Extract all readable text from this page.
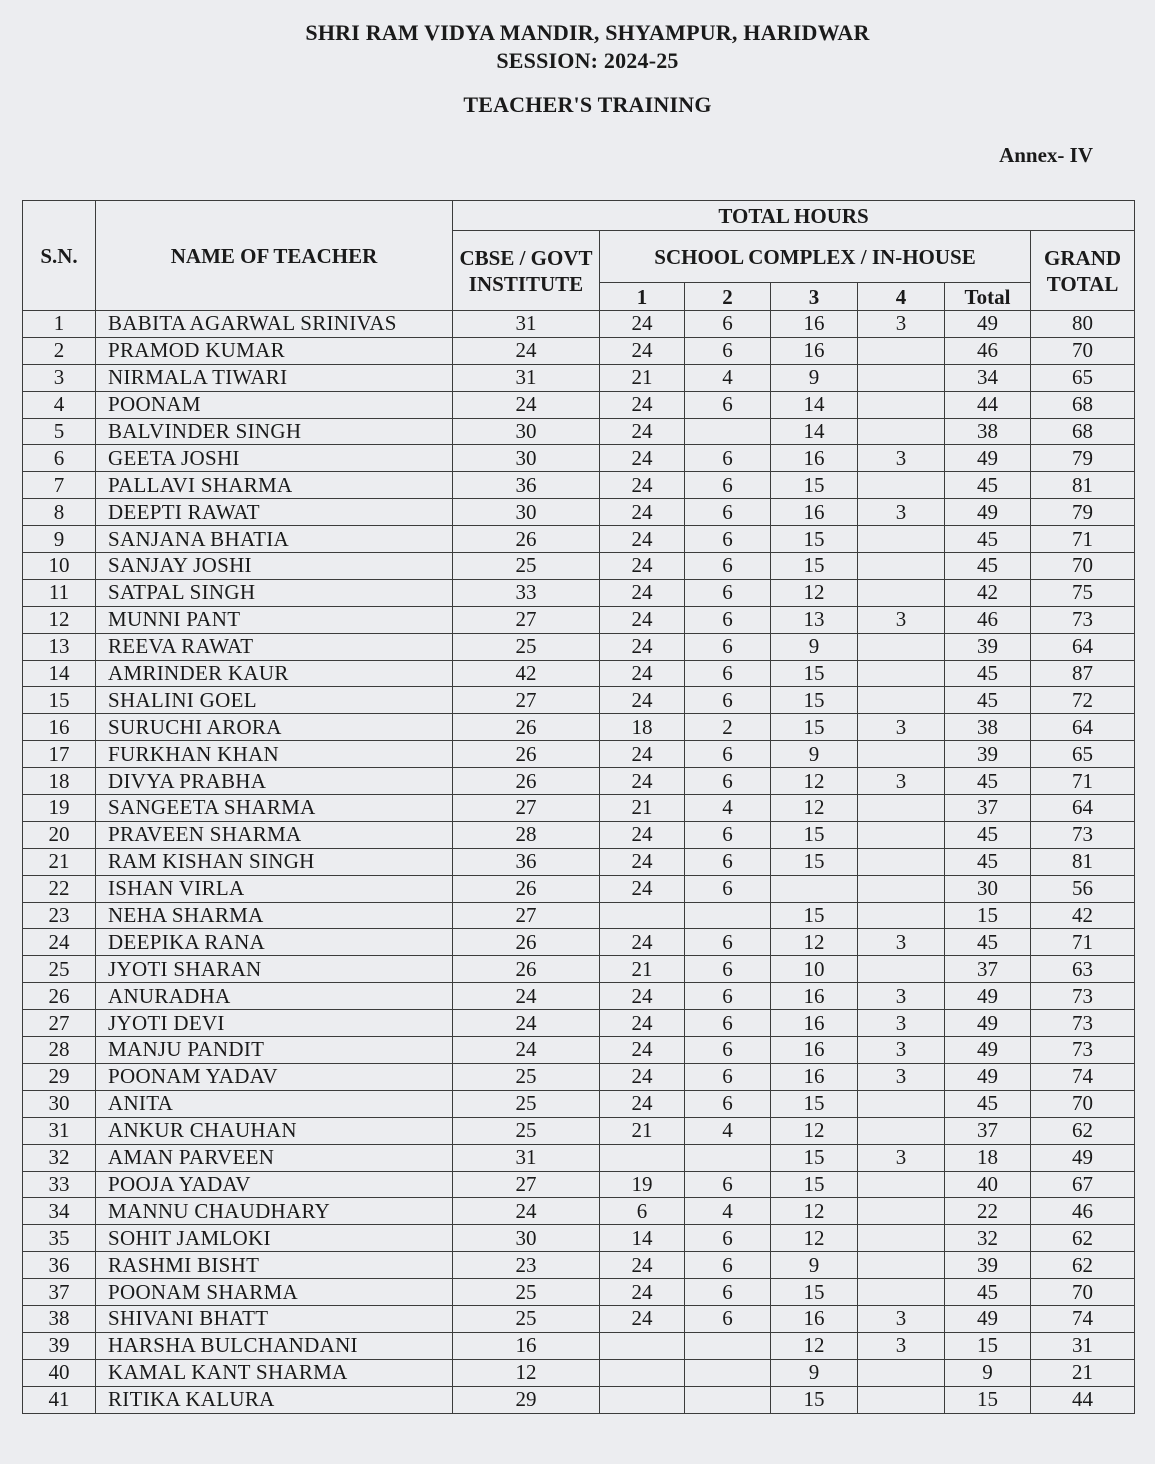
SHRI RAM VIDYA MANDIR, SHYAMPUR, HARIDWAR
SESSION: 2024-25
TEACHER'S TRAINING
Annex- IV
S.N.	NAME OF TEACHER	TOTAL HOURS						
		CBSE / GOVT INSTITUTE	SCHOOL COMPLEX / IN-HOUSE					GRAND TOTAL
			1	2	3	4	Total	
1	BABITA AGARWAL SRINIVAS	31	24	6	16	3	49	80
2	PRAMOD KUMAR	24	24	6	16		46	70
3	NIRMALA TIWARI	31	21	4	9		34	65
4	POONAM	24	24	6	14		44	68
5	BALVINDER SINGH	30	24		14		38	68
6	GEETA JOSHI	30	24	6	16	3	49	79
7	PALLAVI SHARMA	36	24	6	15		45	81
8	DEEPTI RAWAT	30	24	6	16	3	49	79
9	SANJANA BHATIA	26	24	6	15		45	71
10	SANJAY JOSHI	25	24	6	15		45	70
11	SATPAL SINGH	33	24	6	12		42	75
12	MUNNI PANT	27	24	6	13	3	46	73
13	REEVA RAWAT	25	24	6	9		39	64
14	AMRINDER KAUR	42	24	6	15		45	87
15	SHALINI GOEL	27	24	6	15		45	72
16	SURUCHI ARORA	26	18	2	15	3	38	64
17	FURKHAN KHAN	26	24	6	9		39	65
18	DIVYA PRABHA	26	24	6	12	3	45	71
19	SANGEETA SHARMA	27	21	4	12		37	64
20	PRAVEEN SHARMA	28	24	6	15		45	73
21	RAM KISHAN SINGH	36	24	6	15		45	81
22	ISHAN VIRLA	26	24	6			30	56
23	NEHA SHARMA	27			15		15	42
24	DEEPIKA RANA	26	24	6	12	3	45	71
25	JYOTI SHARAN	26	21	6	10		37	63
26	ANURADHA	24	24	6	16	3	49	73
27	JYOTI DEVI	24	24	6	16	3	49	73
28	MANJU PANDIT	24	24	6	16	3	49	73
29	POONAM YADAV	25	24	6	16	3	49	74
30	ANITA	25	24	6	15		45	70
31	ANKUR CHAUHAN	25	21	4	12		37	62
32	AMAN PARVEEN	31			15	3	18	49
33	POOJA YADAV	27	19	6	15		40	67
34	MANNU CHAUDHARY	24	6	4	12		22	46
35	SOHIT JAMLOKI	30	14	6	12		32	62
36	RASHMI BISHT	23	24	6	9		39	62
37	POONAM SHARMA	25	24	6	15		45	70
38	SHIVANI BHATT	25	24	6	16	3	49	74
39	HARSHA BULCHANDANI	16			12	3	15	31
40	KAMAL KANT SHARMA	12			9		9	21
41	RITIKA KALURA	29			15		15	44
